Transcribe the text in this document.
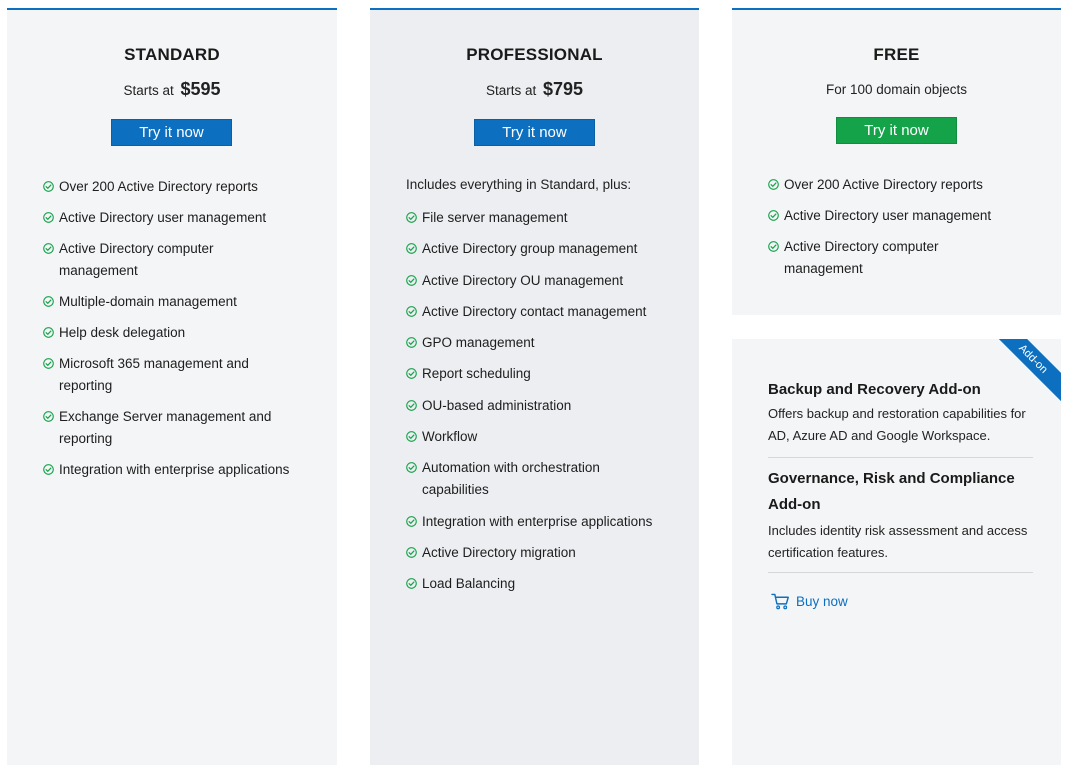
STANDARD
Starts at $595
Try it now
Over 200 Active Directory reports
Active Directory user management
Active Directory computer management
Multiple-domain management
Help desk delegation
Microsoft 365 management and reporting
Exchange Server management and reporting
Integration with enterprise applications
PROFESSIONAL
Starts at $795
Try it now
Includes everything in Standard, plus:
File server management
Active Directory group management
Active Directory OU management
Active Directory contact management
GPO management
Report scheduling
OU-based administration
Workflow
Automation with orchestration capabilities
Integration with enterprise applications
Active Directory migration
Load Balancing
FREE
For 100 domain objects
Try it now
Over 200 Active Directory reports
Active Directory user management
Active Directory computer management
Add-on
Backup and Recovery Add-on
Offers backup and restoration capabilities for AD, Azure AD and Google Workspace.
Governance, Risk and Compliance Add-on
Includes identity risk assessment and access certification features.
Buy now
